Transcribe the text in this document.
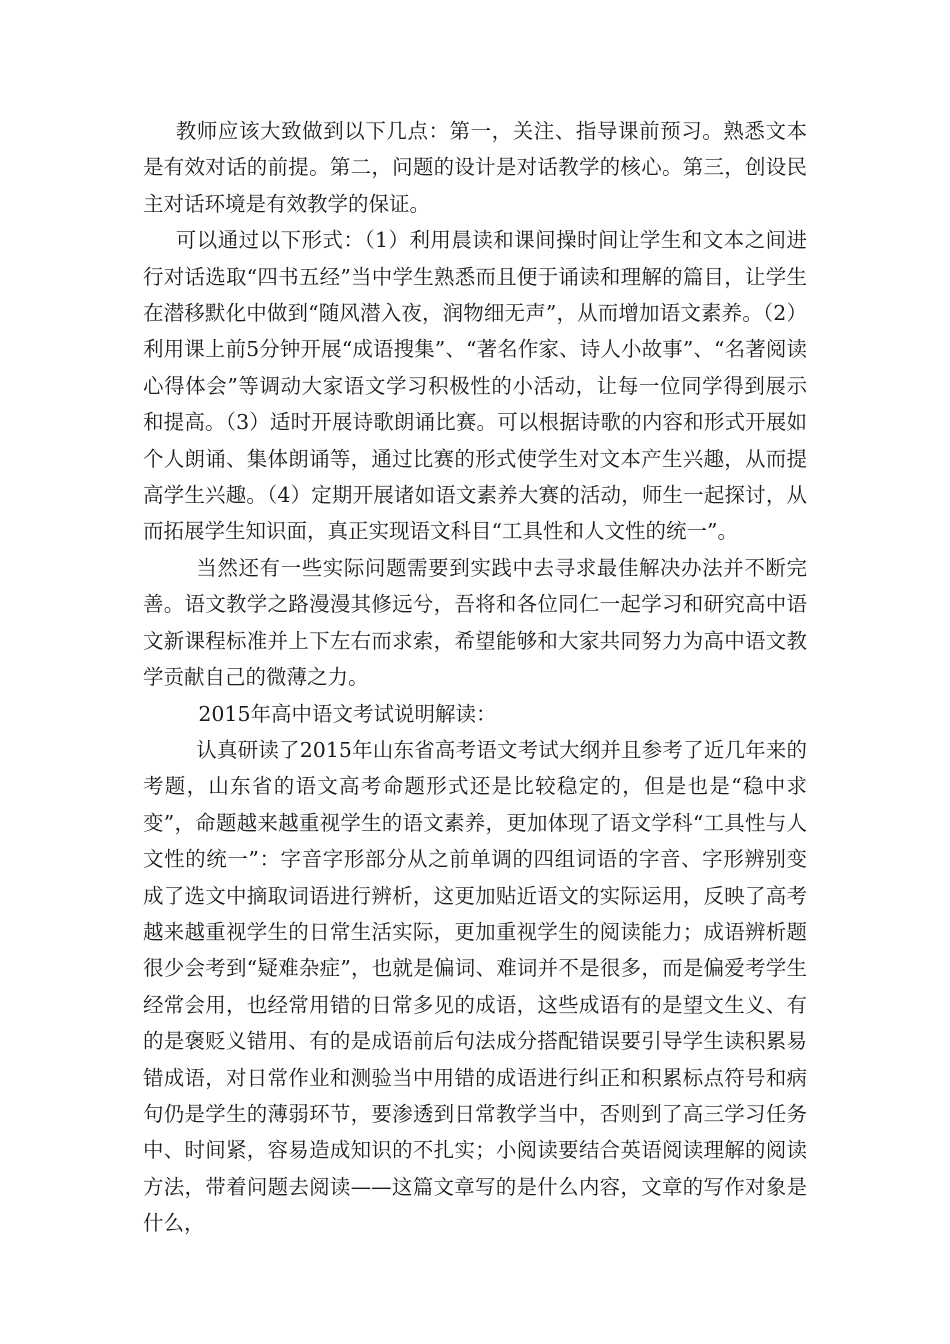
教师应该大致做到以下几点：第一，关注、指导课前预习。熟悉文本是有效对话的前提。第二，问题的设计是对话教学的核心。第三，创设民主对话环境是有效教学的保证。

可以通过以下形式：（1）利用晨读和课间操时间让学生和文本之间进行对话选取“四书五经”当中学生熟悉而且便于诵读和理解的篇目，让学生在潜移默化中做到“随风潜入夜，润物细无声”，从而增加语文素养。（2）利用课上前5分钟开展“成语搜集”、“著名作家、诗人小故事”、“名著阅读心得体会”等调动大家语文学习积极性的小活动，让每一位同学得到展示和提高。（3）适时开展诗歌朗诵比赛。可以根据诗歌的内容和形式开展如个人朗诵、集体朗诵等，通过比赛的形式使学生对文本产生兴趣，从而提高学生兴趣。（4）定期开展诸如语文素养大赛的活动，师生一起探讨，从而拓展学生知识面，真正实现语文科目“工具性和人文性的统一”。

当然还有一些实际问题需要到实践中去寻求最佳解决办法并不断完善。语文教学之路漫漫其修远兮，吾将和各位同仁一起学习和研究高中语文新课程标准并上下左右而求索，希望能够和大家共同努力为高中语文教学贡献自己的微薄之力。

2015年高中语文考试说明解读：

认真研读了2015年山东省高考语文考试大纲并且参考了近几年来的考题，山东省的语文高考命题形式还是比较稳定的，但是也是“稳中求变”，命题越来越重视学生的语文素养，更加体现了语文学科“工具性与人文性的统一”：字音字形部分从之前单调的四组词语的字音、字形辨别变成了选文中摘取词语进行辨析，这更加贴近语文的实际运用，反映了高考越来越重视学生的日常生活实际，更加重视学生的阅读能力；成语辨析题很少会考到“疑难杂症”，也就是偏词、难词并不是很多，而是偏爱考学生经常会用，也经常用错的日常多见的成语，这些成语有的是望文生义、有的是褒贬义错用、有的是成语前后句法成分搭配错误要引导学生读积累易错成语，对日常作业和测验当中用错的成语进行纠正和积累标点符号和病句仍是学生的薄弱环节，要渗透到日常教学当中，否则到了高三学习任务中、时间紧，容易造成知识的不扎实；小阅读要结合英语阅读理解的阅读方法，带着问题去阅读——这篇文章写的是什么内容，文章的写作对象是什么，
